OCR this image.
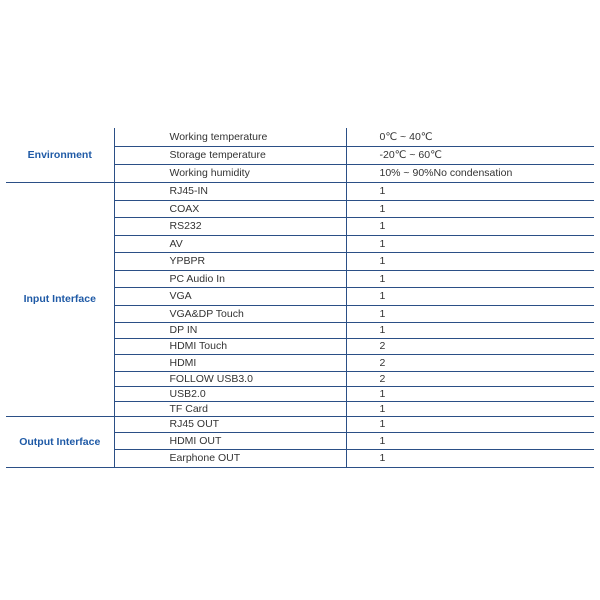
Environment	Working temperature	0℃ ~ 40℃
	Storage temperature	-20℃ ~ 60℃
	Working humidity	10% ~ 90%No condensation
Input Interface	RJ45-IN	1
	COAX	1
	RS232	1
	AV	1
	YPBPR	1
	PC Audio In	1
	VGA	1
	VGA&DP Touch	1
	DP IN	1
	HDMI Touch	2
	HDMI	2
	FOLLOW USB3.0	2
	USB2.0	1
	TF Card	1
Output Interface	RJ45 OUT	1
	HDMI OUT	1
	Earphone OUT	1
